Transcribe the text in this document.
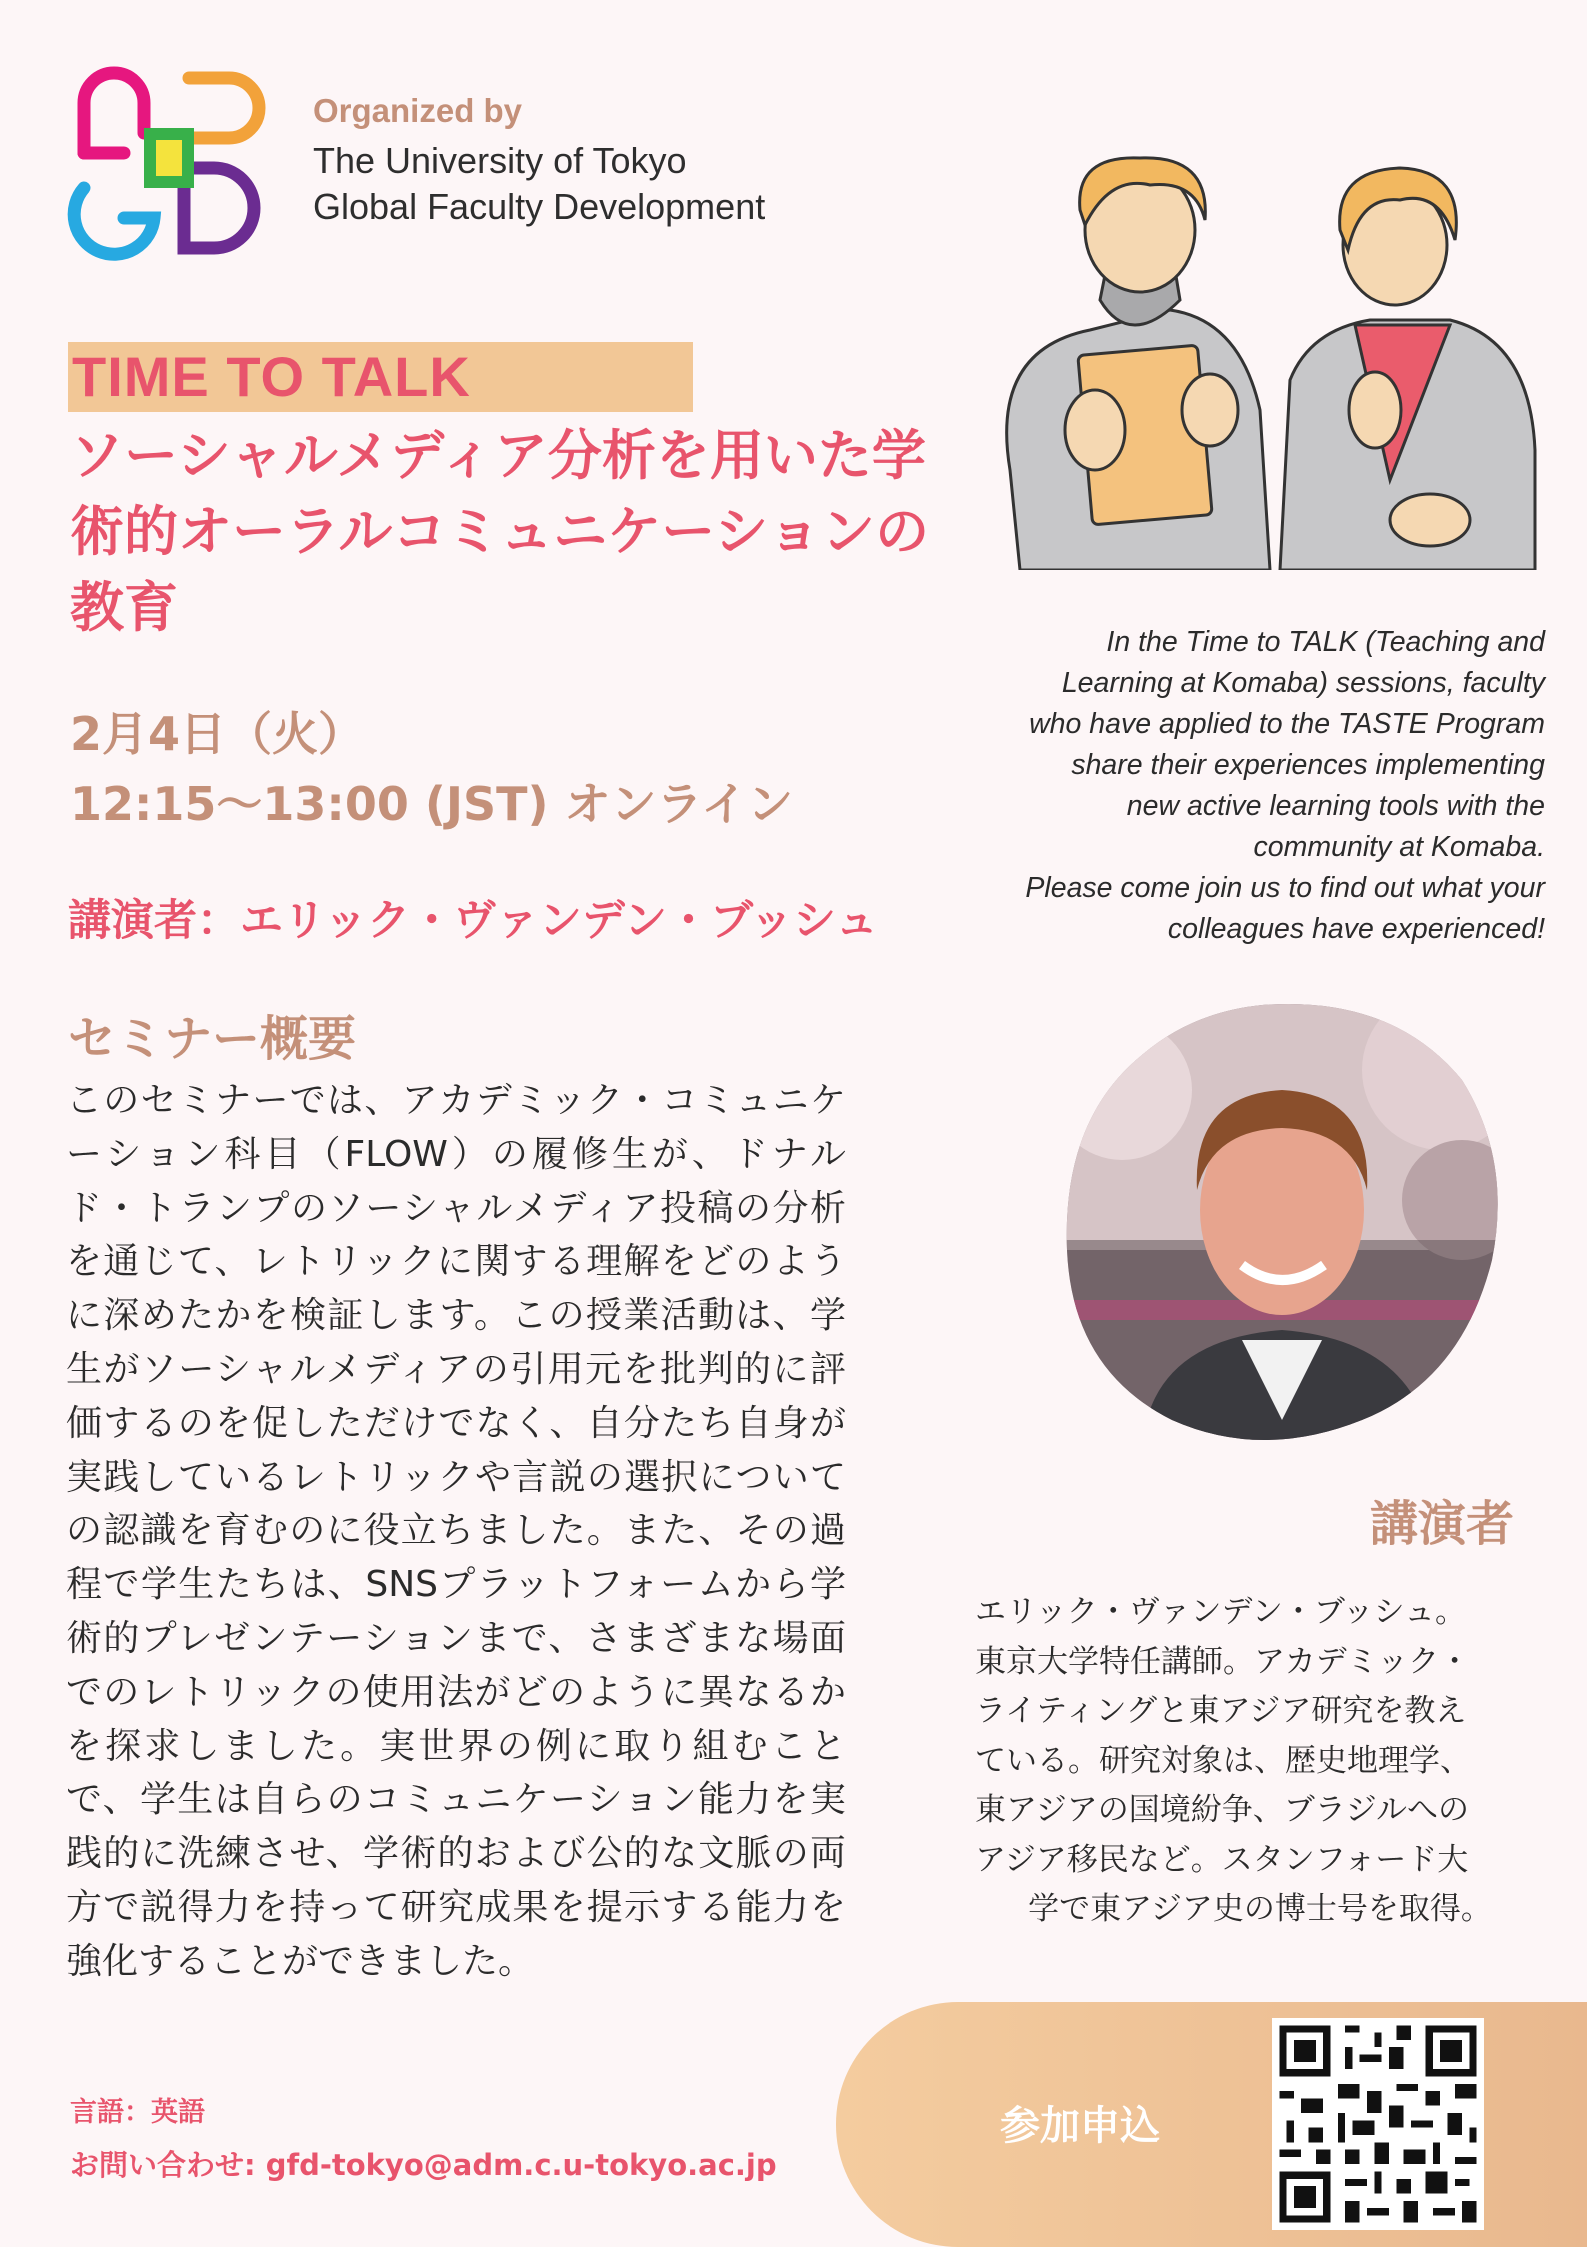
Organized by
The University of Tokyo
Global Faculty Development
TIME TO TALK
ソーシャルメディア分析を用いた学術的オーラルコミュニケーションの教育
2月4日（火）
12:15〜13:00 (JST) オンライン
講演者：エリック・ヴァンデン・ブッシュ
セミナー概要
このセミナーでは、アカデミック・コミュニケーション科目（FLOW）の履修生が、ドナルド・トランプのソーシャルメディア投稿の分析を通じて、レトリックに関する理解をどのように深めたかを検証します。この授業活動は、学生がソーシャルメディアの引用元を批判的に評価するのを促しただけでなく、自分たち自身が実践しているレトリックや言説の選択についての認識を育むのに役立ちました。また、その過程で学生たちは、SNSプラットフォームから学術的プレゼンテーションまで、さまざまな場面でのレトリックの使用法がどのように異なるかを探求しました。実世界の例に取り組むことで、学生は自らのコミュニケーション能力を実践的に洗練させ、学術的および公的な文脈の両方で説得力を持って研究成果を提示する能力を強化することができました。
言語：英語
お問い合わせ: gfd-tokyo@adm.c.u-tokyo.ac.jp
In the Time to TALK (Teaching and
Learning at Komaba) sessions, faculty
who have applied to the TASTE Program
share their experiences implementing
new active learning tools with the
community at Komaba.
Please come join us to find out what your
colleagues have experienced!
講演者
エリック・ヴァンデン・ブッシュ。
東京大学特任講師。アカデミック・
ライティングと東アジア研究を教え
ている。研究対象は、歴史地理学、
東アジアの国境紛争、ブラジルへの
アジア移民など。スタンフォード大
学で東アジア史の博士号を取得。
参加申込
